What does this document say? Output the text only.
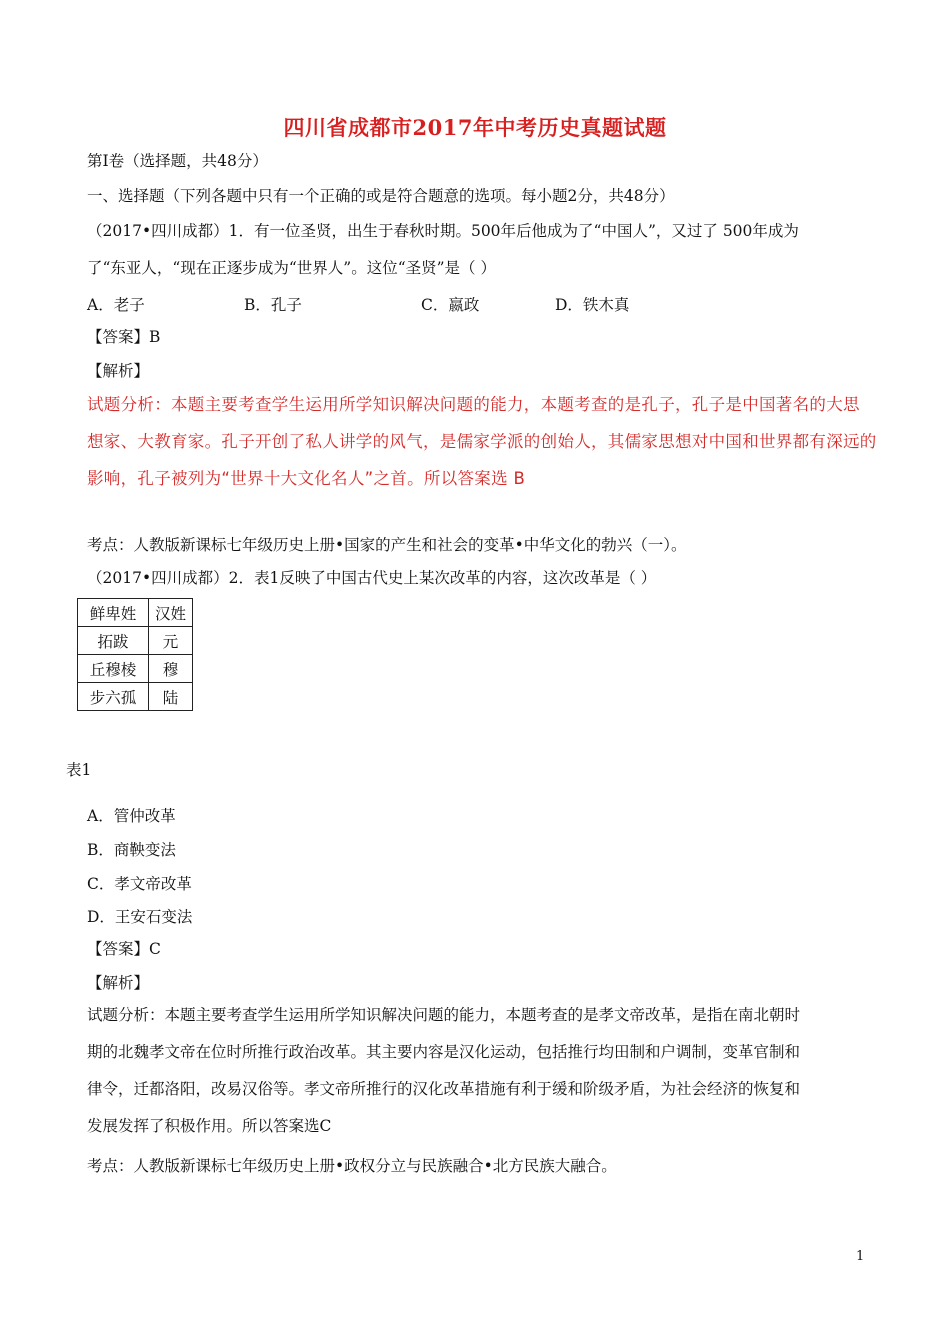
四川省成都市2017年中考历史真题试题
第Ⅰ卷（选择题，共48分）
一、选择题（下列各题中只有一个正确的或是符合题意的选项。每小题2分，共48分）
（2017•四川成都）1．有一位圣贤，出生于春秋时期。500年后他成为了“中国人”，又过了 500年成为
了“东亚人，“现在正逐步成为“世界人”。这位“圣贤”是（ ）
A．老子	B．孔子	C．嬴政	D．铁木真
【答案】B
【解析】
试题分析：本题主要考查学生运用所学知识解决问题的能力，本题考查的是孔子，孔子是中国著名的大思
想家、大教育家。孔子开创了私人讲学的风气，是儒家学派的创始人，其儒家思想对中国和世界都有深远的
影响，孔子被列为“世界十大文化名人”之首。所以答案选 B
考点：人教版新课标七年级历史上册•国家的产生和社会的变革•中华文化的勃兴（一）。
（2017•四川成都）2．表1反映了中国古代史上某次改革的内容，这次改革是（ ）
鲜卑姓	汉姓
拓跋	元
丘穆棱	穆
步六孤	陆
表1
A．管仲改革
B．商鞅变法
C．孝文帝改革
D．王安石变法
【答案】C
【解析】
试题分析：本题主要考查学生运用所学知识解决问题的能力，本题考查的是孝文帝改革，是指在南北朝时
期的北魏孝文帝在位时所推行政治改革。其主要内容是汉化运动，包括推行均田制和户调制，变革官制和
律令，迁都洛阳，改易汉俗等。孝文帝所推行的汉化改革措施有利于缓和阶级矛盾，为社会经济的恢复和
发展发挥了积极作用。所以答案选C
考点：人教版新课标七年级历史上册•政权分立与民族融合•北方民族大融合。
1
